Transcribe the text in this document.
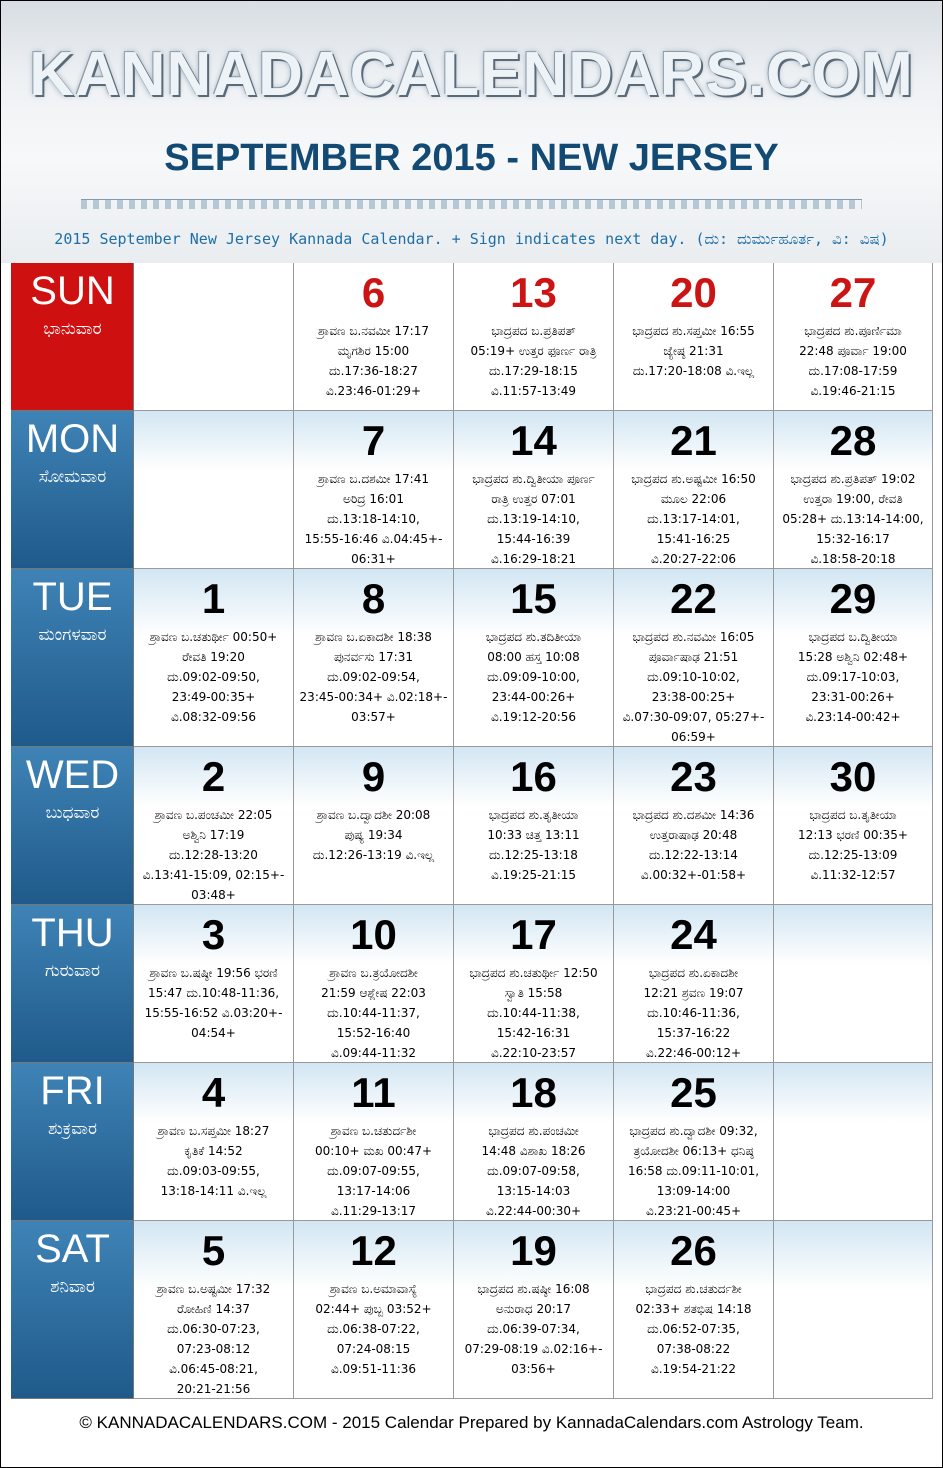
KANNADACALENDARS.COM
SEPTEMBER 2015 - NEW JERSEY
2015 September New Jersey Kannada Calendar. + Sign indicates next day. (ದು: ದುರ್ಮುಹೂರ್ತ, ವಿ: ವಿಷ)
SUN
ಭಾನುವಾರ
6
ಶ್ರಾವಣ ಬ.ನವಮೀ 17:17
ಮೃಗಶಿರ 15:00
ದು.17:36-18:27
ವಿ.23:46-01:29+
13
ಭಾದ್ರಪದ ಬ.ಪ್ರತಿಪತ್
05:19+ ಉತ್ತರ ಫೂರ್ಣ ರಾತ್ರಿ
ದು.17:29-18:15
ವಿ.11:57-13:49
20
ಭಾದ್ರಪದ ಶು.ಸಪ್ತಮೀ 16:55
ಜ್ಯೇಷ್ಠ 21:31
ದು.17:20-18:08 ವಿ.ಇಲ್ಲ
27
ಭಾದ್ರಪದ ಶು.ಪೂರ್ಣಿಮಾ
22:48 ಪೂರ್ವಾ 19:00
ದು.17:08-17:59
ವಿ.19:46-21:15
MON
ಸೋಮವಾರ
7
ಶ್ರಾವಣ ಬ.ದಶಮೀ 17:41
ಅರಿದ್ರ 16:01
ದು.13:18-14:10,
15:55-16:46 ವಿ.04:45+-
06:31+
14
ಭಾದ್ರಪದ ಶು.ದ್ವಿತೀಯಾ ಪೂರ್ಣ
ರಾತ್ರಿ ಉತ್ತರ 07:01
ದು.13:19-14:10,
15:44-16:39
ವಿ.16:29-18:21
21
ಭಾದ್ರಪದ ಶು.ಅಷ್ಟಮೀ 16:50
ಮೂಲ 22:06
ದು.13:17-14:01,
15:41-16:25
ವಿ.20:27-22:06
28
ಭಾದ್ರಪದ ಶು.ಪ್ರತಿಪತ್ 19:02
ಉತ್ತರಾ 19:00, ರೇವತಿ
05:28+ ದು.13:14-14:00,
15:32-16:17
ವಿ.18:58-20:18
TUE
ಮಂಗಳವಾರ
1
ಶ್ರಾವಣ ಬ.ಚತುರ್ಥೀ 00:50+
ರೇವತಿ 19:20
ದು.09:02-09:50,
23:49-00:35+
ವಿ.08:32-09:56
8
ಶ್ರಾವಣ ಬ.ಏಕಾದಶೀ 18:38
ಪುನರ್ವಸು 17:31
ದು.09:02-09:54,
23:45-00:34+ ವಿ.02:18+-
03:57+
15
ಭಾದ್ರಪದ ಶು.ತದಿತೀಯಾ
08:00 ಹಸ್ತ 10:08
ದು.09:09-10:00,
23:44-00:26+
ವಿ.19:12-20:56
22
ಭಾದ್ರಪದ ಶು.ನವಮೀ 16:05
ಪೂರ್ವಾಷಾಢ 21:51
ದು.09:10-10:02,
23:38-00:25+
ವಿ.07:30-09:07, 05:27+-
06:59+
29
ಭಾದ್ರಪದ ಬ.ದ್ವಿತೀಯಾ
15:28 ಅಶ್ವಿನಿ 02:48+
ದು.09:17-10:03,
23:31-00:26+
ವಿ.23:14-00:42+
WED
ಬುಧವಾರ
2
ಶ್ರಾವಣ ಬ.ಪಂಚಮೀ 22:05
ಅಶ್ವಿನಿ 17:19
ದು.12:28-13:20
ವಿ.13:41-15:09, 02:15+-
03:48+
9
ಶ್ರಾವಣ ಬ.ದ್ವಾದಶೀ 20:08
ಪುಷ್ಯ 19:34
ದು.12:26-13:19 ವಿ.ಇಲ್ಲ
16
ಭಾದ್ರಪದ ಶು.ತೃತೀಯಾ
10:33 ಚಿತ್ತ 13:11
ದು.12:25-13:18
ವಿ.19:25-21:15
23
ಭಾದ್ರಪದ ಶು.ದಶಮೀ 14:36
ಉತ್ತರಾಷಾಢ 20:48
ದು.12:22-13:14
ವಿ.00:32+-01:58+
30
ಭಾದ್ರಪದ ಬ.ತೃತೀಯಾ
12:13 ಭರಣಿ 00:35+
ದು.12:25-13:09
ವಿ.11:32-12:57
THU
ಗುರುವಾರ
3
ಶ್ರಾವಣ ಬ.ಷಷ್ಠೀ 19:56 ಭರಣಿ
15:47 ದು.10:48-11:36,
15:55-16:52 ವಿ.03:20+-
04:54+
10
ಶ್ರಾವಣ ಬ.ತ್ರಯೋದಶೀ
21:59 ಆಶ್ಲೇಷ 22:03
ದು.10:44-11:37,
15:52-16:40
ವಿ.09:44-11:32
17
ಭಾದ್ರಪದ ಶು.ಚತುರ್ಥೀ 12:50
ಸ್ವಾತಿ 15:58
ದು.10:44-11:38,
15:42-16:31
ವಿ.22:10-23:57
24
ಭಾದ್ರಪದ ಶು.ಏಕಾದಶೀ
12:21 ಶ್ರವಣ 19:07
ದು.10:46-11:36,
15:37-16:22
ವಿ.22:46-00:12+
FRI
ಶುಕ್ರವಾರ
4
ಶ್ರಾವಣ ಬ.ಸಪ್ತಮೀ 18:27
ಕೃತಿಕೆ 14:52
ದು.09:03-09:55,
13:18-14:11 ವಿ.ಇಲ್ಲ
11
ಶ್ರಾವಣ ಬ.ಚತುರ್ದಶೀ
00:10+ ಮಖ 00:47+
ದು.09:07-09:55,
13:17-14:06
ವಿ.11:29-13:17
18
ಭಾದ್ರಪದ ಶು.ಪಂಚಮೀ
14:48 ವಿಶಾಖ 18:26
ದು.09:07-09:58,
13:15-14:03
ವಿ.22:44-00:30+
25
ಭಾದ್ರಪದ ಶು.ದ್ವಾದಶೀ 09:32,
ತ್ರಯೋದಶೀ 06:13+ ಧನಿಷ್ಠ
16:58 ದು.09:11-10:01,
13:09-14:00
ವಿ.23:21-00:45+
SAT
ಶನಿವಾರ
5
ಶ್ರಾವಣ ಬ.ಅಷ್ಟಮೀ 17:32
ರೋಹಿಣಿ 14:37
ದು.06:30-07:23,
07:23-08:12
ವಿ.06:45-08:21,
20:21-21:56
12
ಶ್ರಾವಣ ಬ.ಅಮಾವಾಸ್ಯೆ
02:44+ ಪುಬ್ಬ 03:52+
ದು.06:38-07:22,
07:24-08:15
ವಿ.09:51-11:36
19
ಭಾದ್ರಪದ ಶು.ಷಷ್ಠೀ 16:08
ಅನುರಾಧ 20:17
ದು.06:39-07:34,
07:29-08:19 ವಿ.02:16+-
03:56+
26
ಭಾದ್ರಪದ ಶು.ಚತುರ್ದಶೀ
02:33+ ಶತಭಿಷ 14:18
ದು.06:52-07:35,
07:38-08:22
ವಿ.19:54-21:22
© KANNADACALENDARS.COM - 2015 Calendar Prepared by KannadaCalendars.com Astrology Team.
